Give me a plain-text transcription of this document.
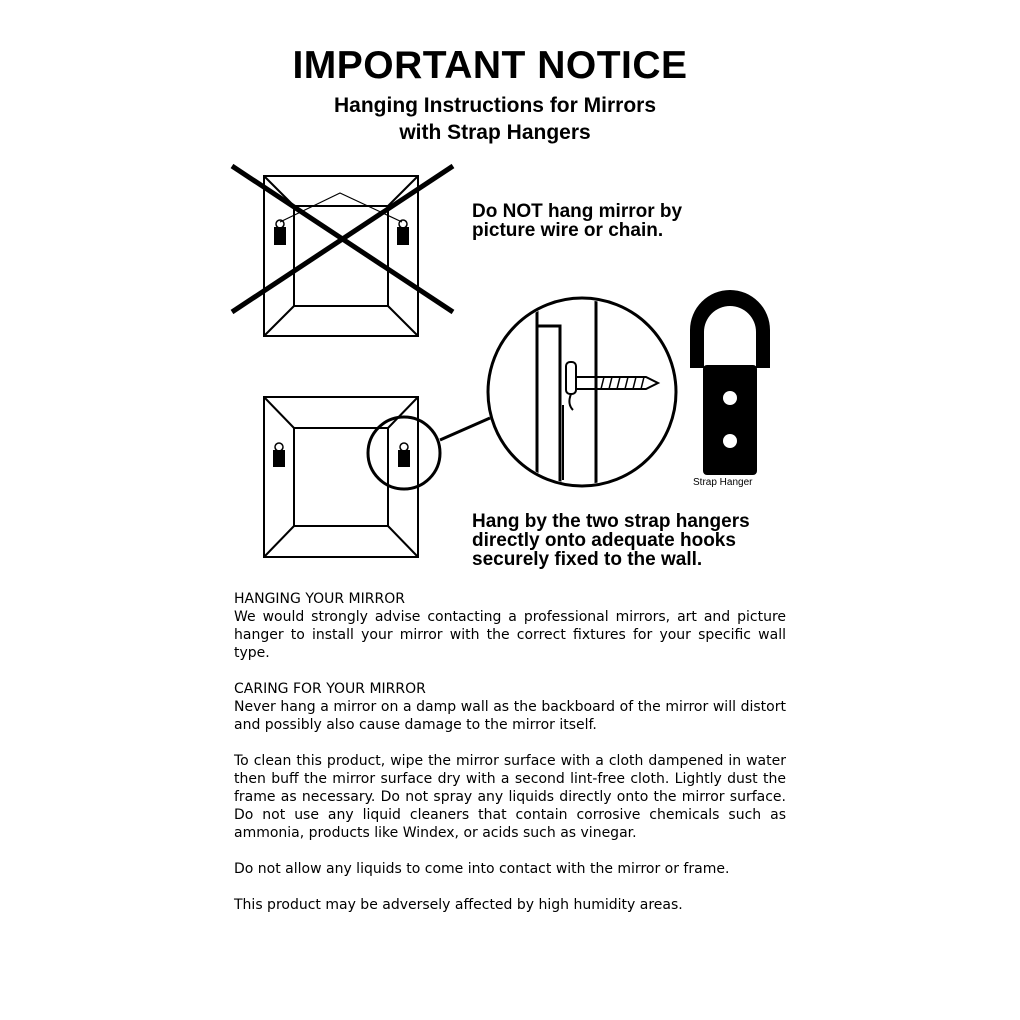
IMPORTANT NOTICE
Hanging Instructions for Mirrors
with Strap Hangers
Do NOT hang mirror by
picture wire or chain.
Strap Hanger
Hang by the two strap hangers
directly onto adequate hooks
securely fixed to the wall.

HANGING YOUR MIRROR
We would strongly advise contacting a professional mirrors, art and picture hanger to install your mirror with the correct fixtures for your specific wall type.

CARING FOR YOUR MIRROR
Never hang a mirror on a damp wall as the backboard of the mirror will distort and possibly also cause damage to the mirror itself.

To clean this product, wipe the mirror surface with a cloth dampened in water then buff the mirror surface dry with a second lint-free cloth. Lightly dust the frame as necessary. Do not spray any liquids directly onto the mirror surface. Do not use any liquid cleaners that contain corrosive chemicals such as ammonia, products like Windex, or acids such as vinegar.

Do not allow any liquids to come into contact with the mirror or frame.

This product may be adversely affected by high humidity areas.
